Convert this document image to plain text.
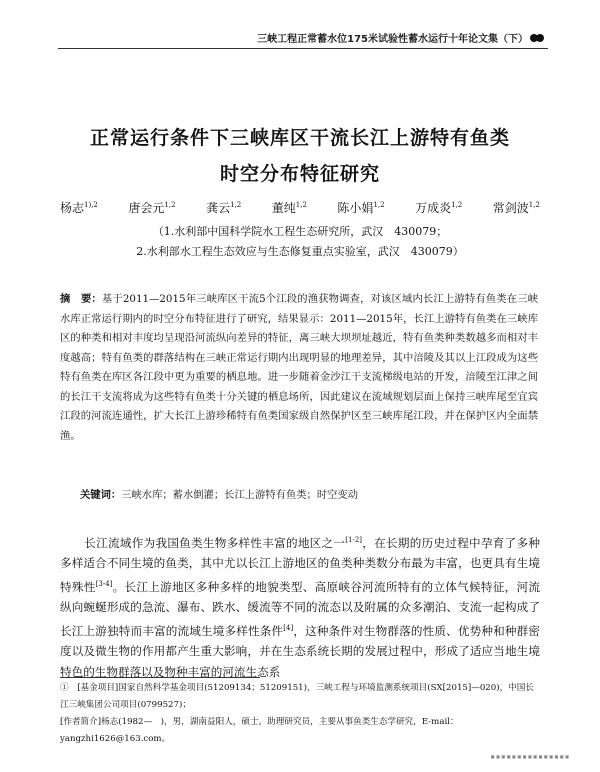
三峡工程正常蓄水位175米试验性蓄水运行十年论文集（下）
正常运行条件下三峡库区干流长江上游特有鱼类
时空分布特征研究
杨志$^{1),2}$	唐会元$^{1,2}$	龚云$^{1,2}$	董纯$^{1,2}$	陈小娟$^{1,2}$	万成炎$^{1,2}$	常剑波$^{1,2}$
（1.水利部中国科学院水工程生态研究所，武汉　430079；
2.水利部水工程生态效应与生态修复重点实验室，武汉　430079）
摘　要：基于2011—2015年三峡库区干流5个江段的渔获物调查，对该区域内长江上游特有鱼类在三峡水库正常运行期内的时空分布特征进行了研究，结果显示：2011—2015年，长江上游特有鱼类在三峡库区的种类和相对丰度均呈现沿河流纵向差异的特征，离三峡大坝坝址越近，特有鱼类种类数越多而相对丰度越高；特有鱼类的群落结构在三峡正常运行期内出现明显的地理差异，其中涪陵及其以上江段成为这些特有鱼类在库区各江段中更为重要的栖息地。进一步随着金沙江干支流梯级电站的开发，涪陵至江津之间的长江干支流将成为这些特有鱼类十分关键的栖息场所，因此建议在流域规划层面上保持三峡库尾至宜宾江段的河流连通性，扩大长江上游珍稀特有鱼类国家级自然保护区至三峡库尾江段，并在保护区内全面禁渔。
关键词：三峡水库；蓄水倒灌；长江上游特有鱼类；时空变动
长江流域作为我国鱼类生物多样性丰富的地区之一[1-2]，在长期的历史过程中孕育了多种多样适合不同生境的鱼类，其中尤以长江上游地区的鱼类种类数分布最为丰富，也更具有生境特殊性[3-4]。长江上游地区多种多样的地貌类型、高原峡谷河流所特有的立体气候特征，河流纵向蜿蜒形成的急流、瀑布、跌水、缓流等不同的流态以及附属的众多潮泊、支流一起构成了长江上游独特而丰富的流域生境多样性条件[4]，这种条件对生物群落的性质、优势种和种群密度以及微生物的作用都产生重大影响，并在生态系统长期的发展过程中，形成了适应当地生境特色的生物群落以及物种丰富的河流生态系
①　[基金项目]国家自然科学基金项目(51209134；51209151)，三峡工程与环境监测系统项目(SX[2015]—020)，中国长江三峡集团公司项目(0799527)；
[作者简介]杨志(1982—　)，男，湖南益阳人，硕士，助理研究员，主要从事鱼类生态学研究，E-mail：yangzhi1626@163.com。
▪▪▪▪▪▪▪▪▪▪▪▪▪▪▪
